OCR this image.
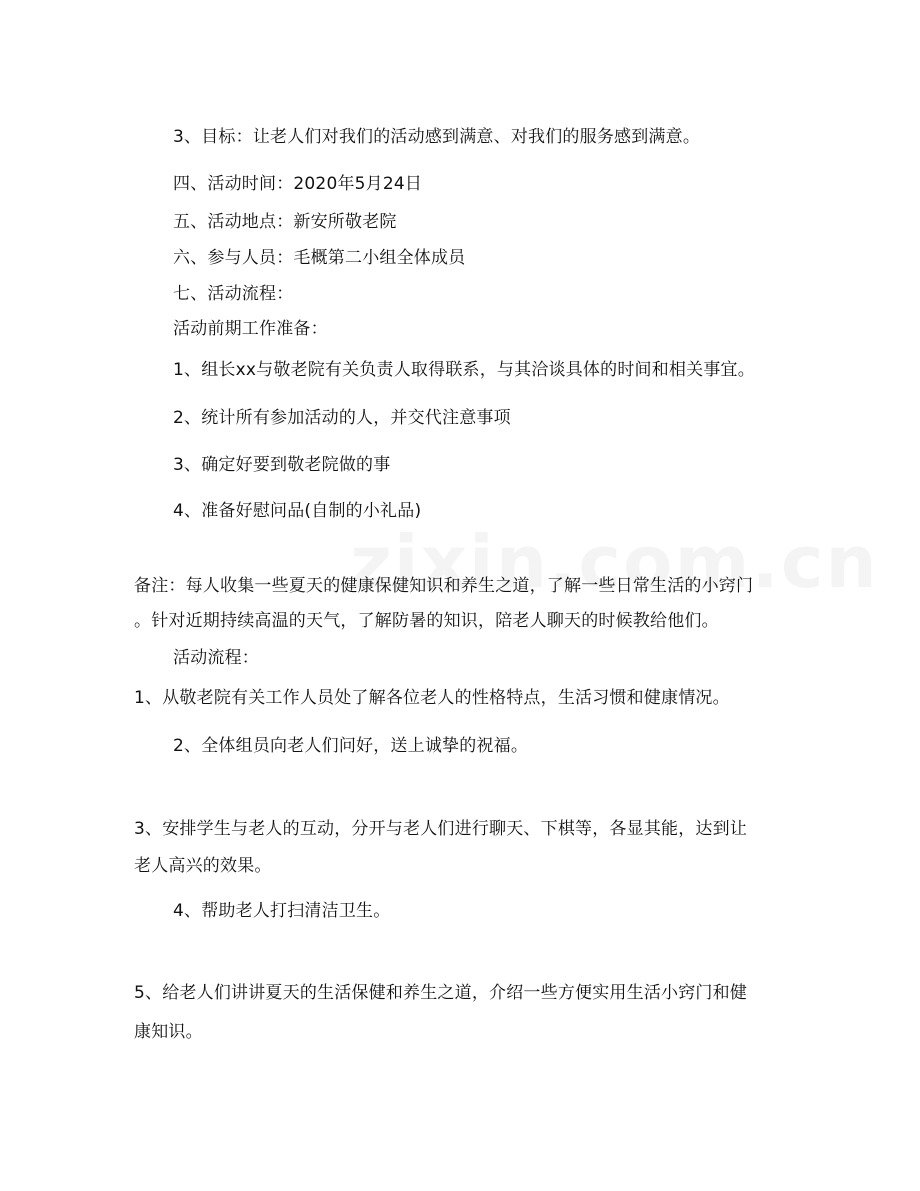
3、目标：让老人们对我们的活动感到满意、对我们的服务感到满意。
四、活动时间：2020年5月24日
五、活动地点：新安所敬老院
六、参与人员：毛概第二小组全体成员
七、活动流程：
活动前期工作准备：
1、组长xx与敬老院有关负责人取得联系，与其洽谈具体的时间和相关事宜。
2、统计所有参加活动的人，并交代注意事项
3、确定好要到敬老院做的事
4、准备好慰问品(自制的小礼品)
备注：每人收集一些夏天的健康保健知识和养生之道，了解一些日常生活的小窍门
。针对近期持续高温的天气，了解防暑的知识，陪老人聊天的时候教给他们。
活动流程：
1、从敬老院有关工作人员处了解各位老人的性格特点，生活习惯和健康情况。
2、全体组员向老人们问好，送上诚挚的祝福。
3、安排学生与老人的互动，分开与老人们进行聊天、下棋等，各显其能，达到让
老人高兴的效果。
4、帮助老人打扫清洁卫生。
5、给老人们讲讲夏天的生活保健和养生之道，介绍一些方便实用生活小窍门和健
康知识。
